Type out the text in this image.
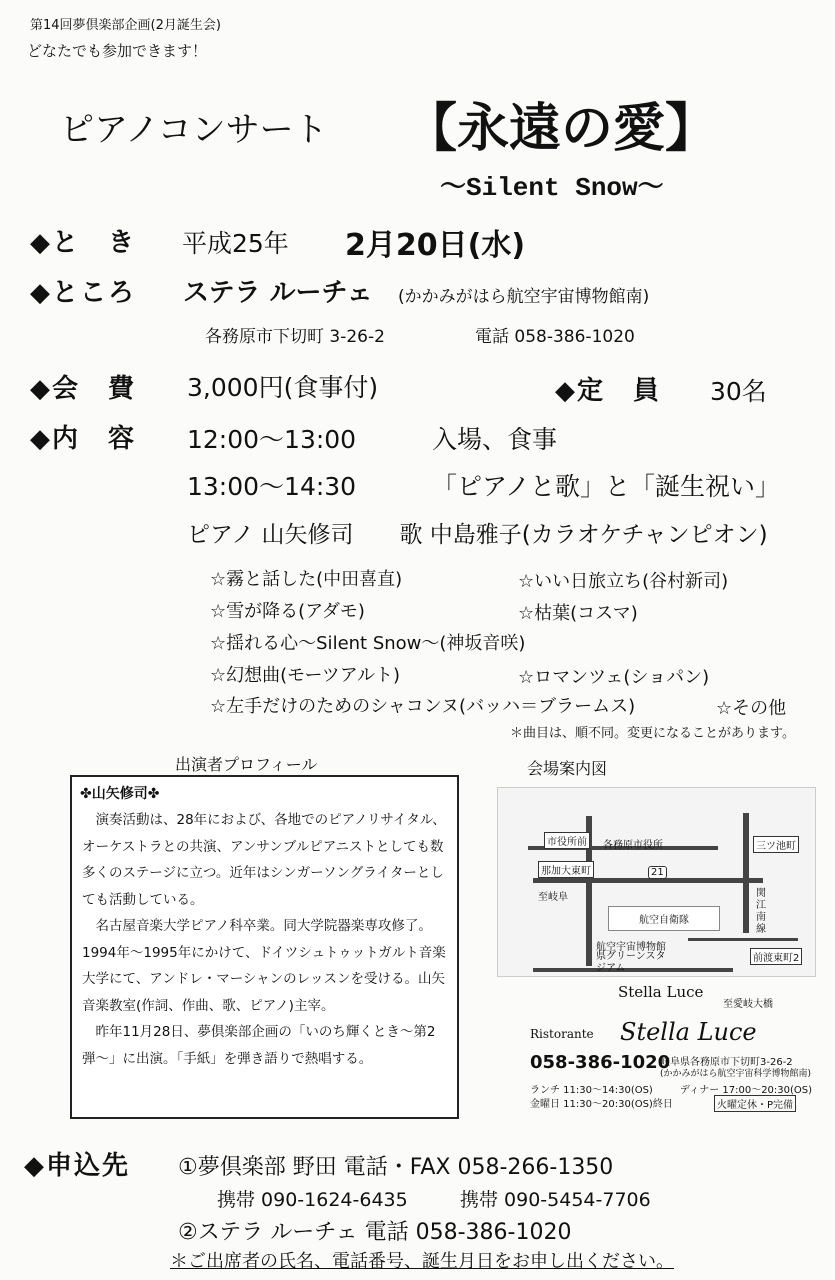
第14回夢倶楽部企画(2月誕生会)
どなたでも参加できます！
ピアノコンサート 【永遠の愛】
〜Silent Snow〜
◆と　き 平成25年 2月20日(水)
◆ところ ステラ ルーチェ (かかみがはら航空宇宙博物館南)
各務原市下切町 3-26-2	電話 058-386-1020
◆会　費 3,000円(食事付)	◆定　員 30名
◆内　容 12:00〜13:00	入場、食事
13:00〜14:30	「ピアノと歌」と「誕生祝い」
ピアノ 山矢修司　　歌 中島雅子(カラオケチャンピオン)
☆霧と話した(中田喜直)	☆いい日旅立ち(谷村新司)
☆雪が降る(アダモ)	☆枯葉(コスマ)
☆揺れる心〜Silent Snow〜(神坂音咲)
☆幻想曲(モーツアルト)	☆ロマンツェ(ショパン)
☆左手だけのためのシャコンヌ(バッハ＝ブラームス)	☆その他
＊曲目は、順不同。変更になることがあります。
出演者プロフィール
✤山矢修司✤

演奏活動は、28年におよび、各地でのピアノリサイタル、オーケストラとの共演、アンサンブルピアニストとしても数多くのステージに立つ。近年はシンガーソングライターとしても活動している。

名古屋音楽大学ピアノ科卒業。同大学院器楽専攻修了。1994年〜1995年にかけて、ドイツシュトゥットガルト音楽大学にて、アンドレ・マーシャンのレッスンを受ける。山矢音楽教室(作詞、作曲、歌、ピアノ)主宰。

昨年11月28日、夢倶楽部企画の「いのち輝くとき〜第2弾〜」に出演。「手紙」を弾き語りで熱唱する。

会場案内図
市役所前	各務原市役所	三ツ池町
那加大東町	21
至岐阜
航空自衛隊
関江南線
航空宇宙博物館
県グリーンスタジアム
前渡東町2
Stella Luce
至愛岐大橋
Ristorante Stella Luce
058-386-1020
岐阜県各務原市下切町3-26-2
(かかみがはら航空宇宙科学博物館南)
ランチ 11:30〜14:30(OS)	ディナー 17:00〜20:30(OS)
金曜日 11:30〜20:30(OS)終日	火曜定休・P完備
◆申込先 ①夢倶楽部 野田 電話・FAX 058-266-1350
携帯 090-1624-6435	携帯 090-5454-7706
②ステラ ルーチェ 電話 058-386-1020
＊ご出席者の氏名、電話番号、誕生月日をお申し出ください。
